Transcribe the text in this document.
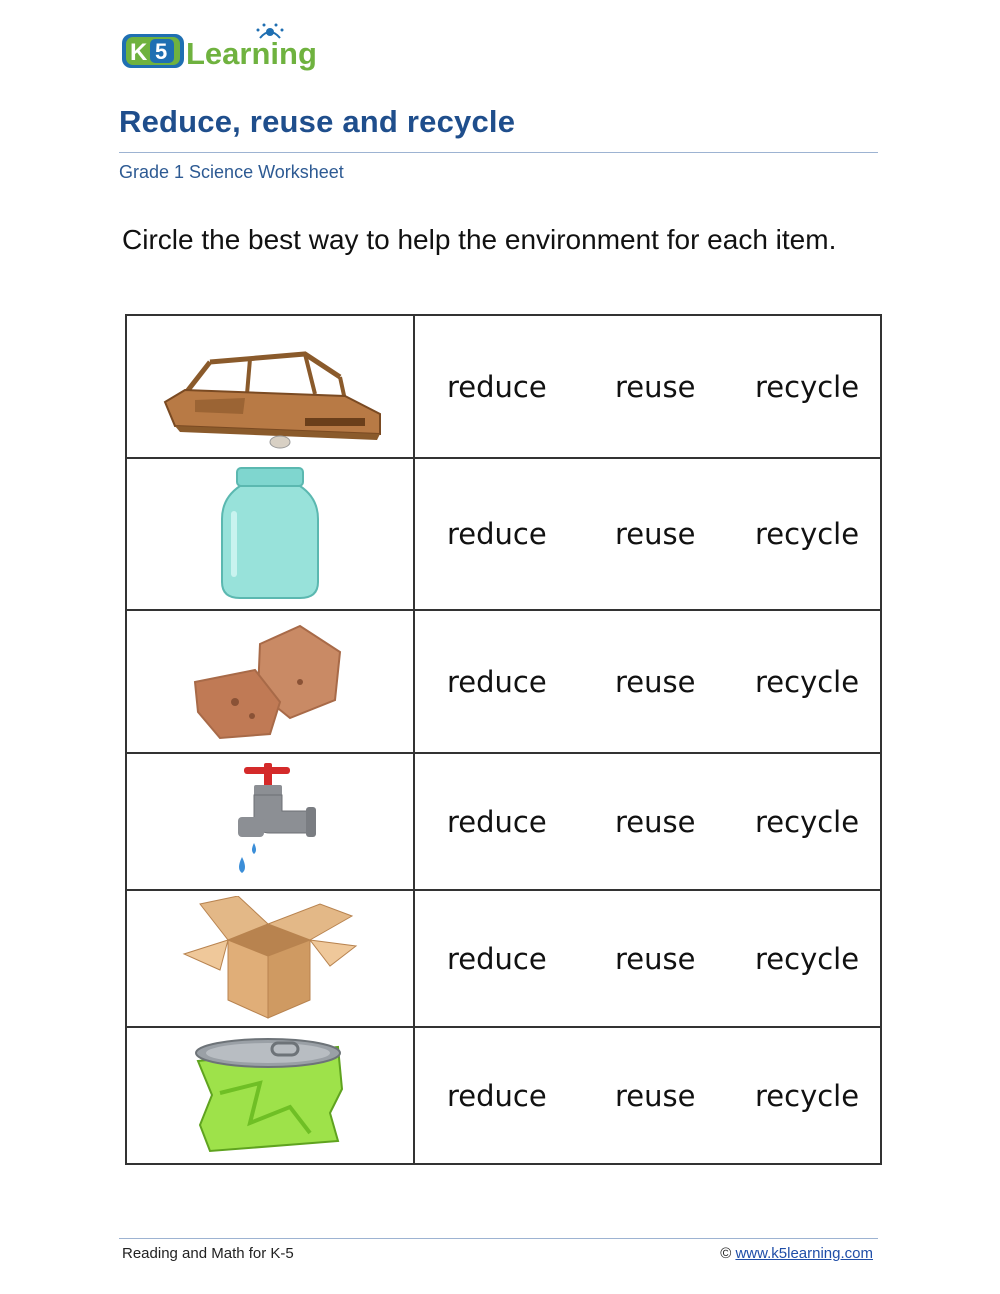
K 5 Learning
Reduce, reuse and recycle
Grade 1 Science Worksheet
Circle the best way to help the environment for each item.

reduce reuse recycle

reduce reuse recycle

reduce reuse recycle

reduce reuse recycle

reduce reuse recycle

reduce reuse recycle
Reading and Math for K-5	© www.k5learning.com
